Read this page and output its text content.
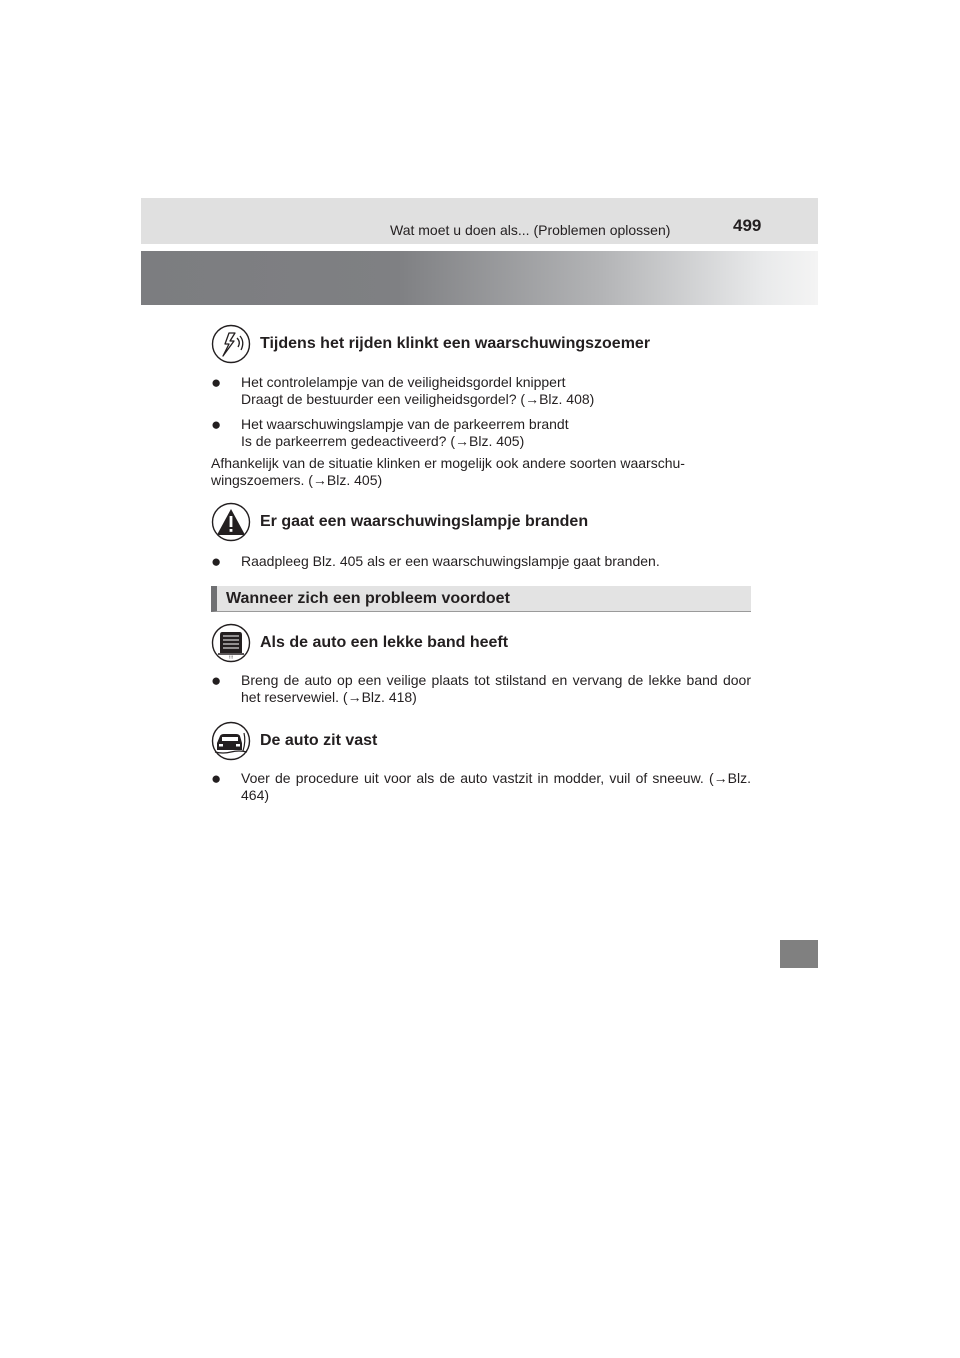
Wat moet u doen als... (Problemen oplossen)	499
Tijdens het rijden klinkt een waarschuwingszoemer
●	Het controlelampje van de veiligheidsgordel knippert
Draagt de bestuurder een veiligheidsgordel? (→Blz. 408)
●	Het waarschuwingslampje van de parkeerrem brandt
Is de parkeerrem gedeactiveerd? (→Blz. 405)

Afhankelijk van de situatie klinken er mogelijk ook andere soorten waarschu-
wingszoemers. (→Blz. 405)

Er gaat een waarschuwingslampje branden
●	Raadpleeg Blz. 405 als er een waarschuwingslampje gaat branden.
Wanneer zich een probleem voordoet
!!!
Als de auto een lekke band heeft
●	Breng de auto op een veilige plaats tot stilstand en vervang de lekke band door het reservewiel. (→Blz. 418)
De auto zit vast
●	Voer de procedure uit voor als de auto vastzit in modder, vuil of sneeuw. (→Blz. 464)
